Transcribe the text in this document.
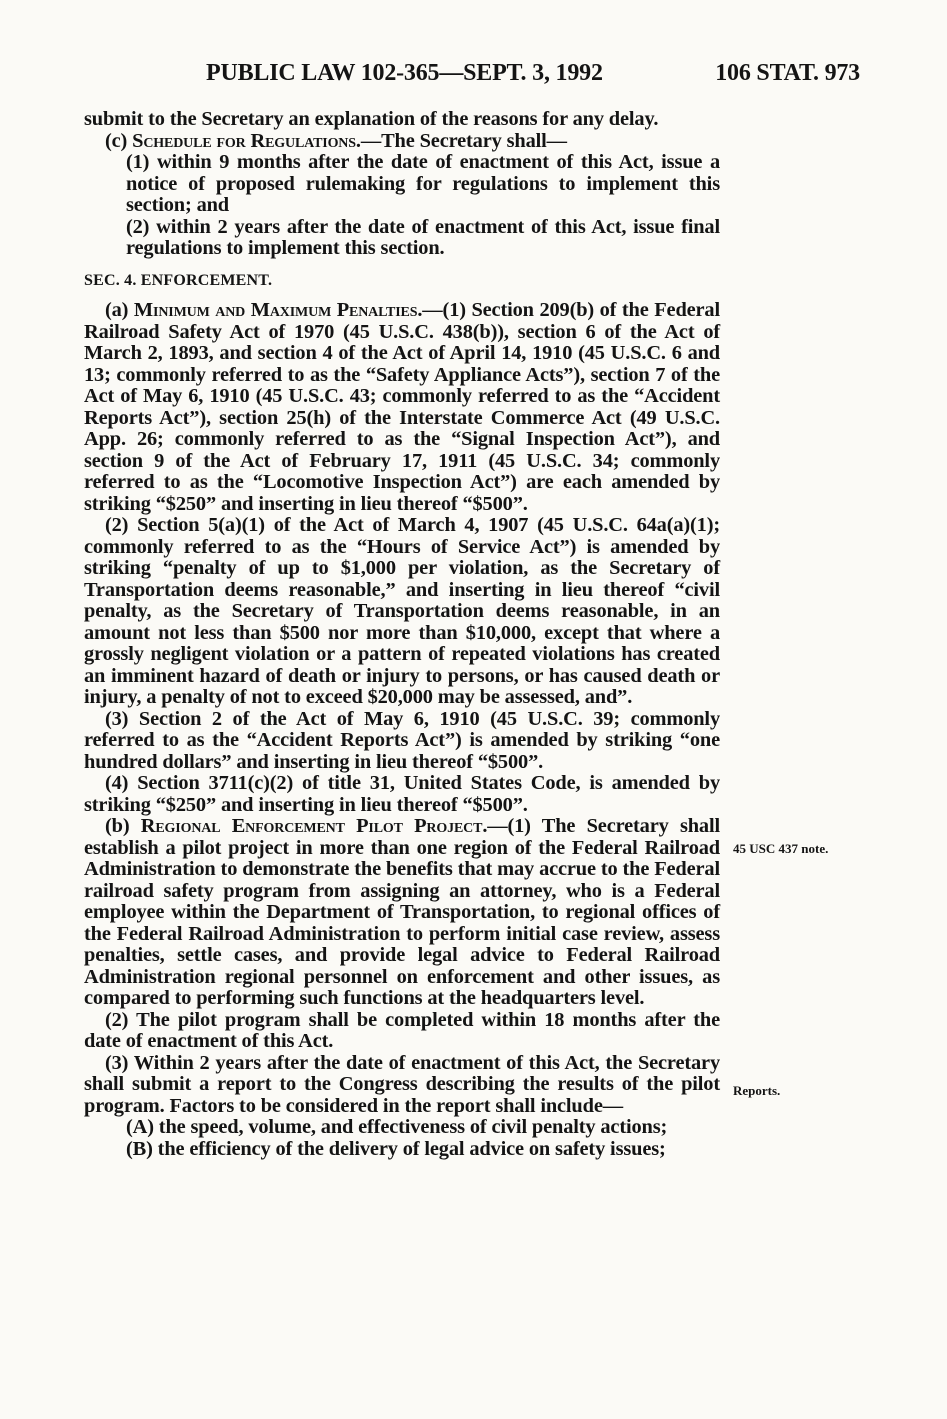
PUBLIC LAW 102-365—SEPT. 3, 1992	106 STAT. 973

submit to the Secretary an explanation of the reasons for any delay.

(c) Schedule for Regulations.—The Secretary shall—

(1) within 9 months after the date of enactment of this Act, issue a notice of proposed rulemaking for regulations to implement this section; and

(2) within 2 years after the date of enactment of this Act, issue final regulations to implement this section.

SEC. 4. ENFORCEMENT.

(a) Minimum and Maximum Penalties.—(1) Section 209(b) of the Federal Railroad Safety Act of 1970 (45 U.S.C. 438(b)), section 6 of the Act of March 2, 1893, and section 4 of the Act of April 14, 1910 (45 U.S.C. 6 and 13; commonly referred to as the “Safety Appliance Acts”), section 7 of the Act of May 6, 1910 (45 U.S.C. 43; commonly referred to as the “Accident Reports Act”), section 25(h) of the Interstate Commerce Act (49 U.S.C. App. 26; commonly referred to as the “Signal Inspection Act”), and section 9 of the Act of February 17, 1911 (45 U.S.C. 34; commonly referred to as the “Locomotive Inspection Act”) are each amended by striking “$250” and inserting in lieu thereof “$500”.

(2) Section 5(a)(1) of the Act of March 4, 1907 (45 U.S.C. 64a(a)(1); commonly referred to as the “Hours of Service Act”) is amended by striking “penalty of up to $1,000 per violation, as the Secretary of Transportation deems reasonable,” and inserting in lieu thereof “civil penalty, as the Secretary of Transportation deems reasonable, in an amount not less than $500 nor more than $10,000, except that where a grossly negligent violation or a pattern of repeated violations has created an imminent hazard of death or injury to persons, or has caused death or injury, a penalty of not to exceed $20,000 may be assessed, and”.

(3) Section 2 of the Act of May 6, 1910 (45 U.S.C. 39; commonly referred to as the “Accident Reports Act”) is amended by striking “one hundred dollars” and inserting in lieu thereof “$500”.

(4) Section 3711(c)(2) of title 31, United States Code, is amended by striking “$250” and inserting in lieu thereof “$500”.

(b) Regional Enforcement Pilot Project.—(1) The Secretary shall establish a pilot project in more than one region of the Federal Railroad Administration to demonstrate the benefits that may accrue to the Federal railroad safety program from assigning an attorney, who is a Federal employee within the Department of Transportation, to regional offices of the Federal Railroad Administration to perform initial case review, assess penalties, settle cases, and provide legal advice to Federal Railroad Administration regional personnel on enforcement and other issues, as compared to performing such functions at the headquarters level.

(2) The pilot program shall be completed within 18 months after the date of enactment of this Act.

(3) Within 2 years after the date of enactment of this Act, the Secretary shall submit a report to the Congress describing the results of the pilot program. Factors to be considered in the report shall include—

(A) the speed, volume, and effectiveness of civil penalty actions;

(B) the efficiency of the delivery of legal advice on safety issues;

45 USC 437 note.
Reports.
